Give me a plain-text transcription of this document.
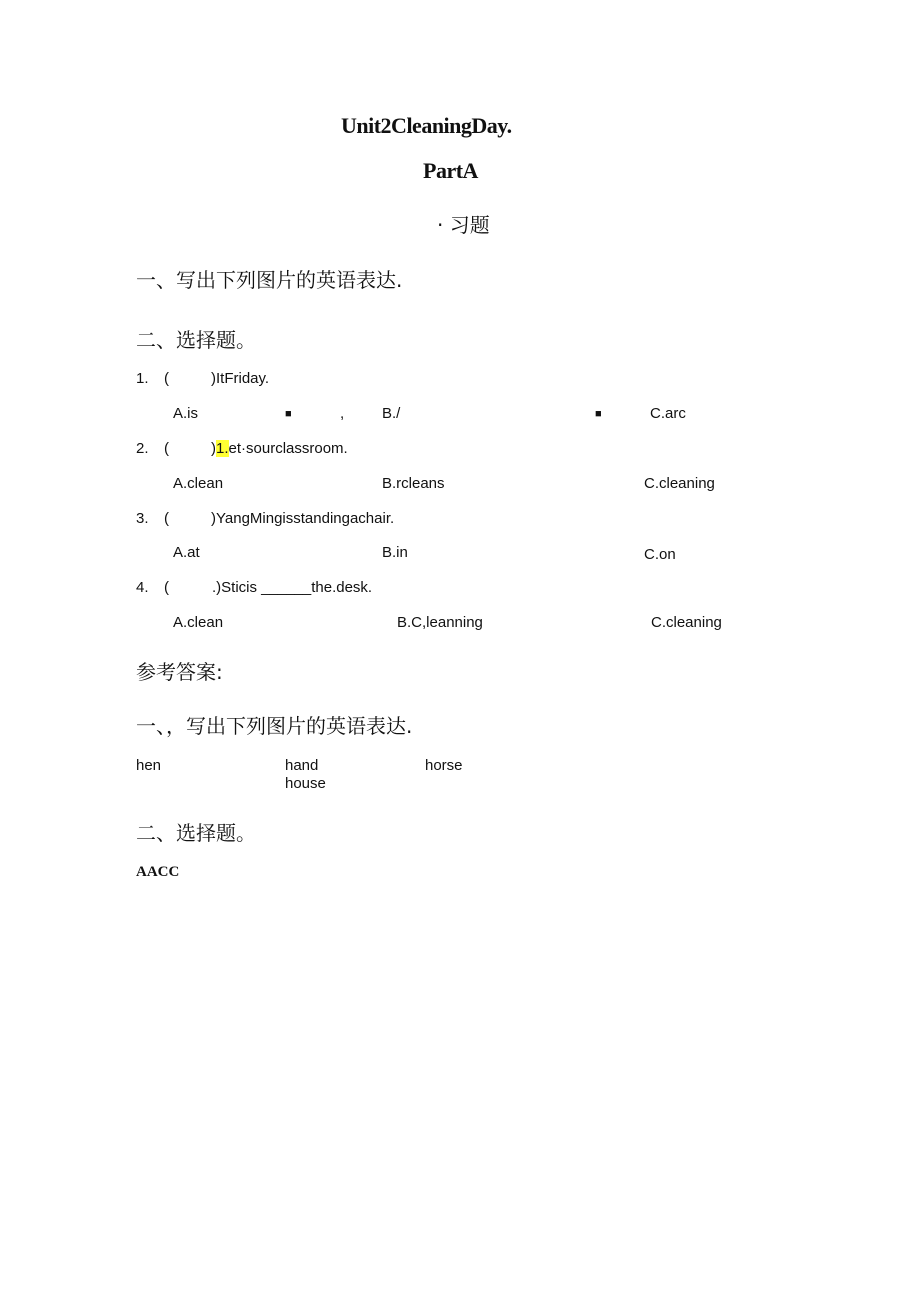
Unit2CleaningDay.
PartA
· 习题
一、写出下列图片的英语表达.
二、选择题。
1. (	)ItFriday.
A.is	■	,	B./	■	C.arc
2. (	)1.et·sourclassroom.
A.clean	B.rcleans	C.cleaning
3. (	)YangMingisstandingachair.
A.at	B.in	C.on
4. (	.)Sticis ______the.desk.
A.clean	B.C,leanning	C.cleaning
参考答案:
一、，写出下列图片的英语表达.
hen	hand	horse
house
二、选择题。
AACC
